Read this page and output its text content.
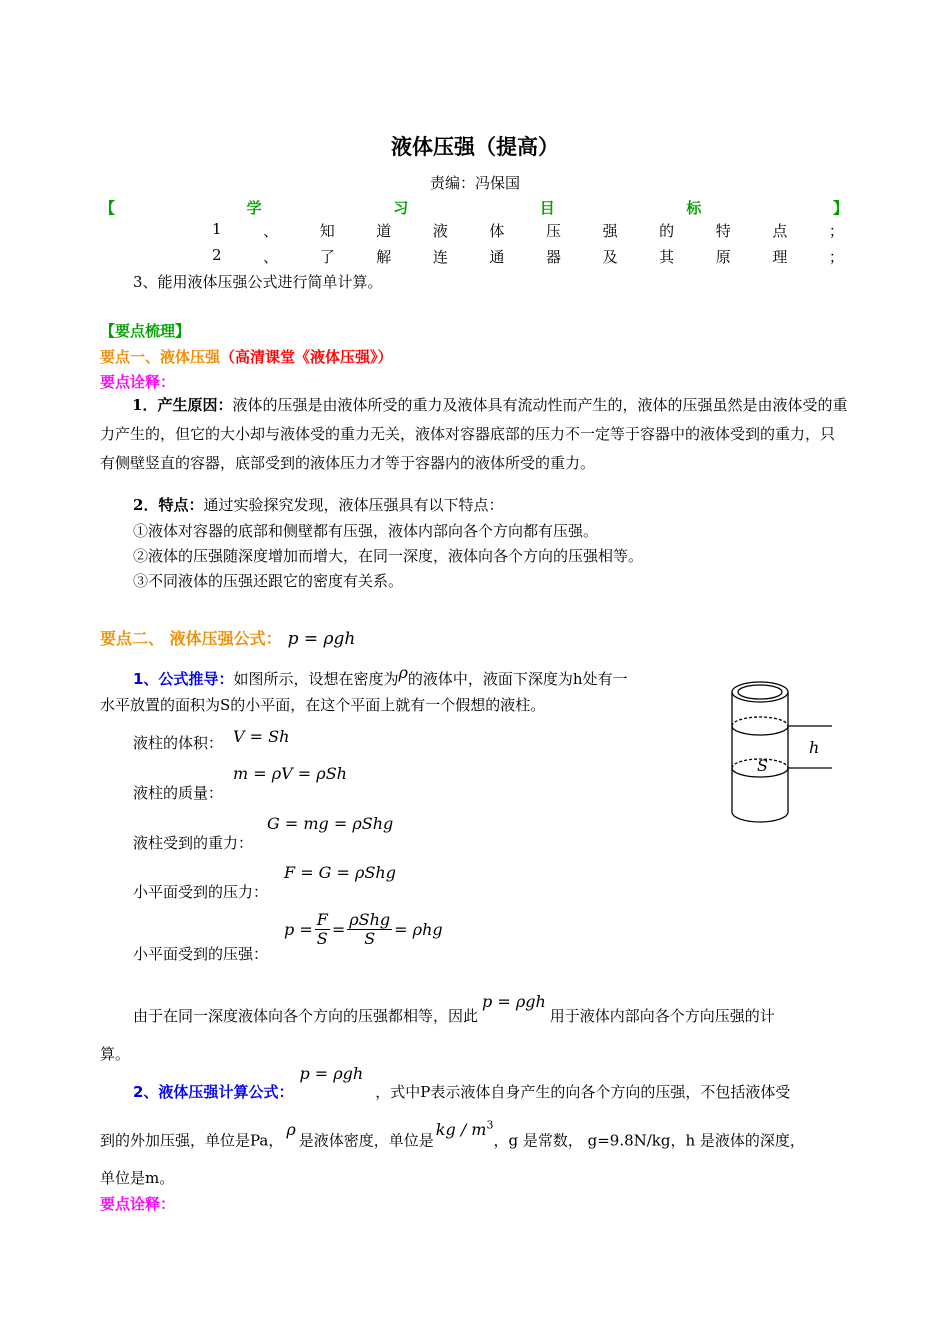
液体压强（提高）
责编：冯保国
【	学	习	目	标	】
1	、	知	道	液	体	压	强	的	特	点	；
2	、	了	解	连	通	器	及	其	原	理	；
3、能用液体压强公式进行简单计算。
【要点梳理】
要点一、液体压强（高清课堂《液体压强》）
要点诠释：
1．产生原因：液体的压强是由液体所受的重力及液体具有流动性而产生的，液体的压强虽然是由液体受的重力产生的，但它的大小却与液体受的重力无关，液体对容器底部的压力不一定等于容器中的液体受到的重力，只有侧壁竖直的容器，底部受到的液体压力才等于容器内的液体所受的重力。
2．特点：通过实验探究发现，液体压强具有以下特点：
①液体对容器的底部和侧壁都有压强，液体内部向各个方向都有压强。
②液体的压强随深度增加而增大，在同一深度，液体向各个方向的压强相等。
③不同液体的压强还跟它的密度有关系。
要点二、 液体压强公式： p = ρgh
1、公式推导：如图所示，设想在密度为ρ的液体中，液面下深度为h处有一
水平放置的面积为S的小平面，在这个平面上就有一个假想的液柱。
液柱的体积： V = Sh
液柱的质量：
m = ρV = ρSh
液柱受到的重力：
G = mg = ρShg
小平面受到的压力：
F = G = ρShg
小平面受到的压强：
$p = \frac{F}{S} = \frac{\text{ρShg}}{S} = \rho hg$
由于在同一深度液体向各个方向的压强都相等，因此p = ρgh用于液体内部向各个方向压强的计
算。
2、液体压强计算公式：p = ρgh，式中P表示液体自身产生的向各个方向的压强，不包括液体受
到的外加压强，单位是Pa，ρ是液体密度，单位是kg / $m^3$，g 是常数， g=9.8N/kg，h 是液体的深度，
单位是m。
要点诠释：
h
S
